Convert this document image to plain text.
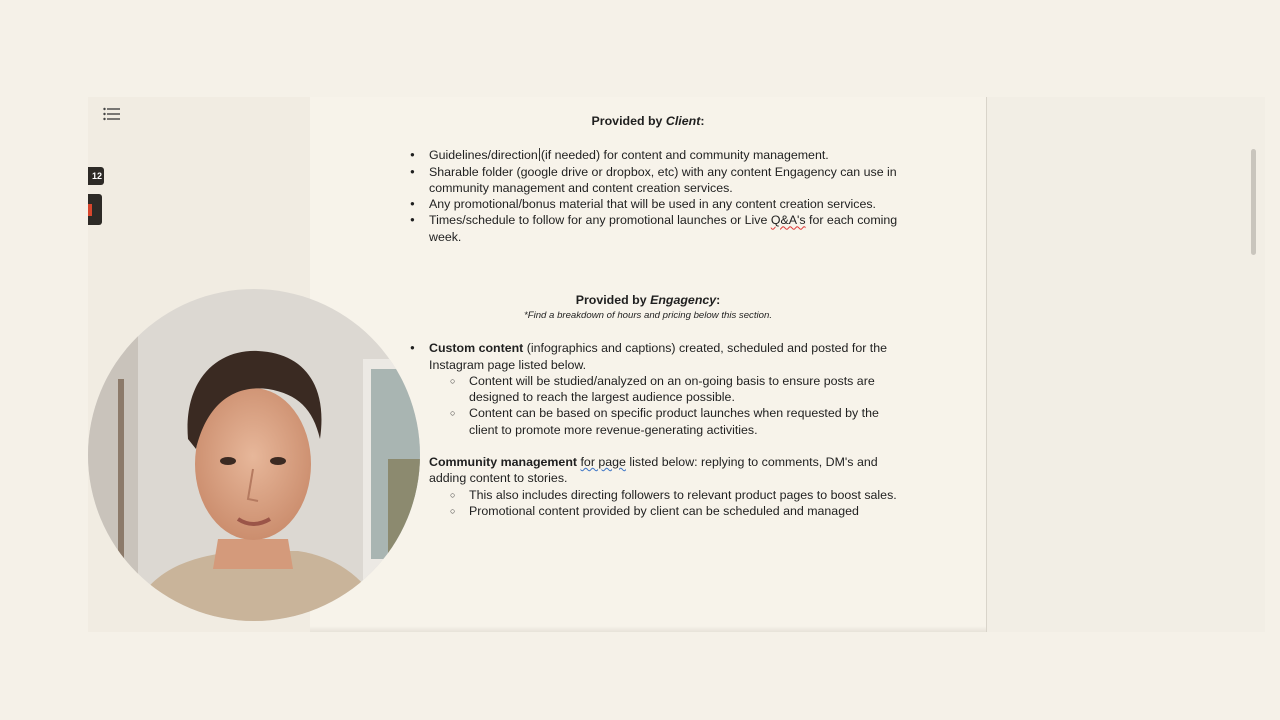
12
Provided by Client:
● Guidelines/direction (if needed) for content and community management.
● Sharable folder (google drive or dropbox, etc) with any content Engagency can use in community management and content creation services.
● Any promotional/bonus material that will be used in any content creation services.
● Times/schedule to follow for any promotional launches or Live Q&A's for each coming week.
Provided by Engagency:
*Find a breakdown of hours and pricing below this section.
● Custom content (infographics and captions) created, scheduled and posted for the Instagram page listed below.
○ Content will be studied/analyzed on an on-going basis to ensure posts are designed to reach the largest audience possible.
○ Content can be based on specific product launches when requested by the client to promote more revenue-generating activities.
Community management for page listed below: replying to comments, DM's and adding content to stories.
○ This also includes directing followers to relevant product pages to boost sales.
○ Promotional content provided by client can be scheduled and managed
